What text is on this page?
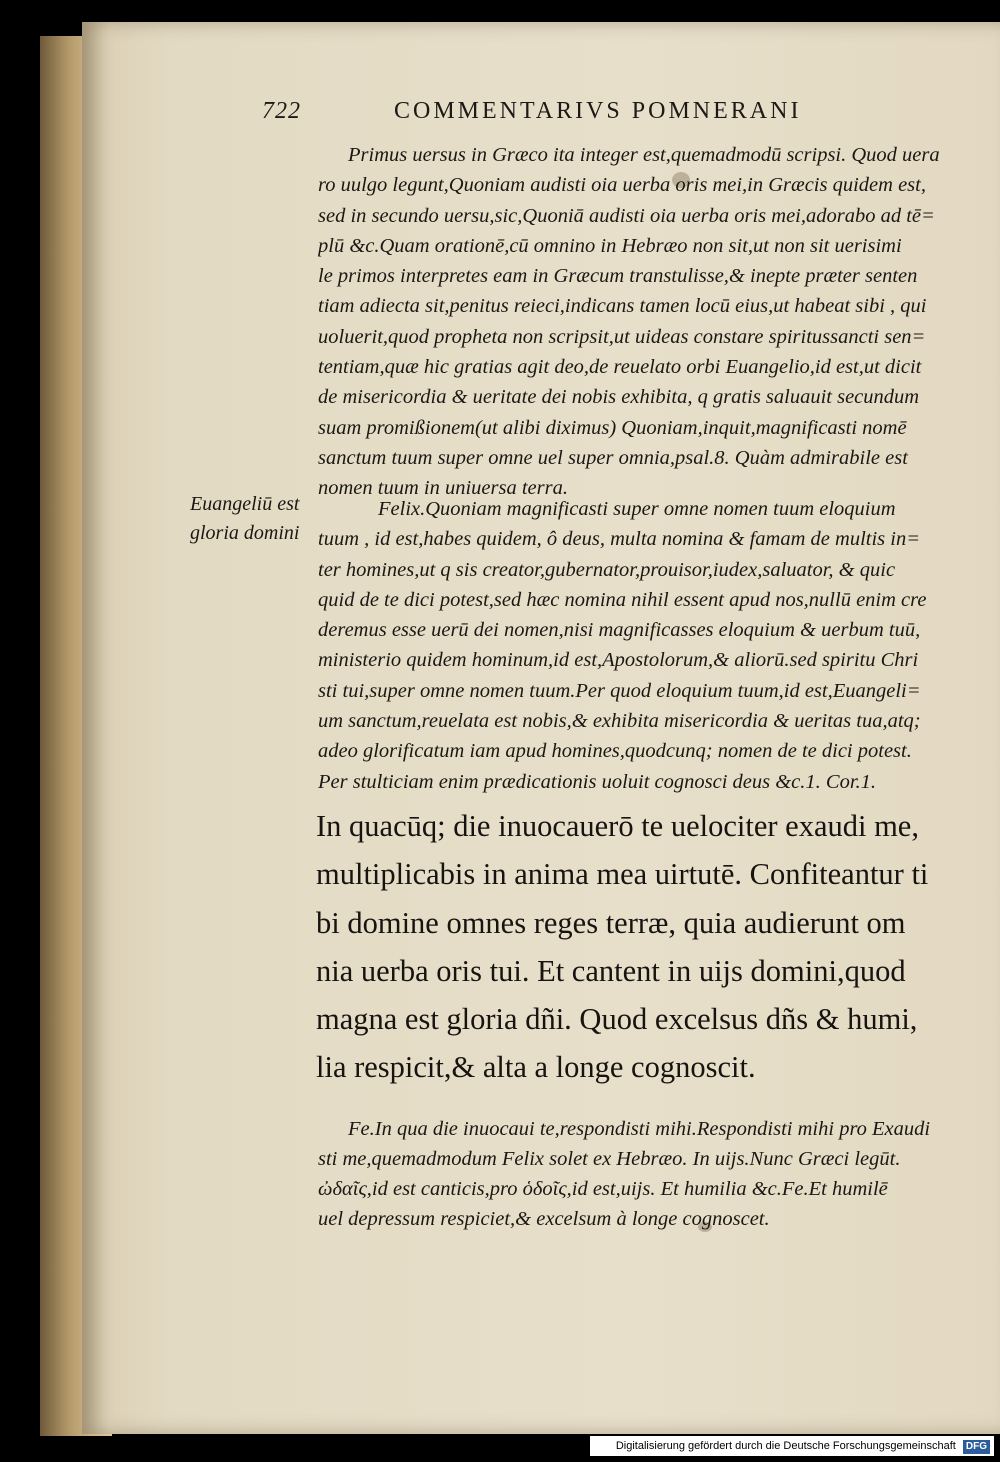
722	COMMENTARIVS POMNERANI
Primus uersus in Græco ita integer est,quemadmodū scripsi. Quod uera
ro uulgo legunt,Quoniam audisti oia uerba oris mei,in Græcis quidem est,
sed in secundo uersu,sic,Quoniā audisti oia uerba oris mei,adorabo ad tē=
plū &c.Quam orationē,cū omnino in Hebræo non sit,ut non sit uerisimi
le primos interpretes eam in Græcum transtulisse,& inepte præter senten
tiam adiecta sit,penitus reieci,indicans tamen locū eius,ut habeat sibi , qui
uoluerit,quod propheta non scripsit,ut uideas constare spiritussancti sen=
tentiam,quæ hic gratias agit deo,de reuelato orbi Euangelio,id est,ut dicit
de misericordia & ueritate dei nobis exhibita, q gratis saluauit secundum
suam promißionem(ut alibi diximus) Quoniam,inquit,magnificasti nomē
sanctum tuum super omne uel super omnia,psal.8. Quàm admirabile est
nomen tuum in uniuersa terra.
Euangeliū est
gloria domini
Felix.Quoniam magnificasti super omne nomen tuum eloquium
tuum , id est,habes quidem, ô deus, multa nomina & famam de multis in=
ter homines,ut q sis creator,gubernator,prouisor,iudex,saluator, & quic
quid de te dici potest,sed hæc nomina nihil essent apud nos,nullū enim cre
deremus esse uerū dei nomen,nisi magnificasses eloquium & uerbum tuū,
ministerio quidem hominum,id est,Apostolorum,& aliorū.sed spiritu Chri
sti tui,super omne nomen tuum.Per quod eloquium tuum,id est,Euangeli=
um sanctum,reuelata est nobis,& exhibita misericordia & ueritas tua,atq;
adeo glorificatum iam apud homines,quodcunq; nomen de te dici potest.
Per stulticiam enim prædicationis uoluit cognosci deus &c.1. Cor.1.
In quacūq; die inuocauerō te uelociter exaudi me,
multiplicabis in anima mea uirtutē. Confiteantur ti
bi domine omnes reges terræ, quia audierunt om
nia uerba oris tui. Et cantent in uijs domini,quod
magna est gloria dñi. Quod excelsus dñs & humi,
lia respicit,& alta a longe cognoscit.
Fe.In qua die inuocaui te,respondisti mihi.Respondisti mihi pro Exaudi
sti me,quemadmodum Felix solet ex Hebræo. In uijs.Nunc Græci legūt.
ὠδαῖς,id est canticis,pro ὁδοῖς,id est,uijs. Et humilia &c.Fe.Et humilē
uel depressum respiciet,& excelsum à longe cognoscet.
Digitalisierung gefördert durch die Deutsche Forschungsgemeinschaft DFG
